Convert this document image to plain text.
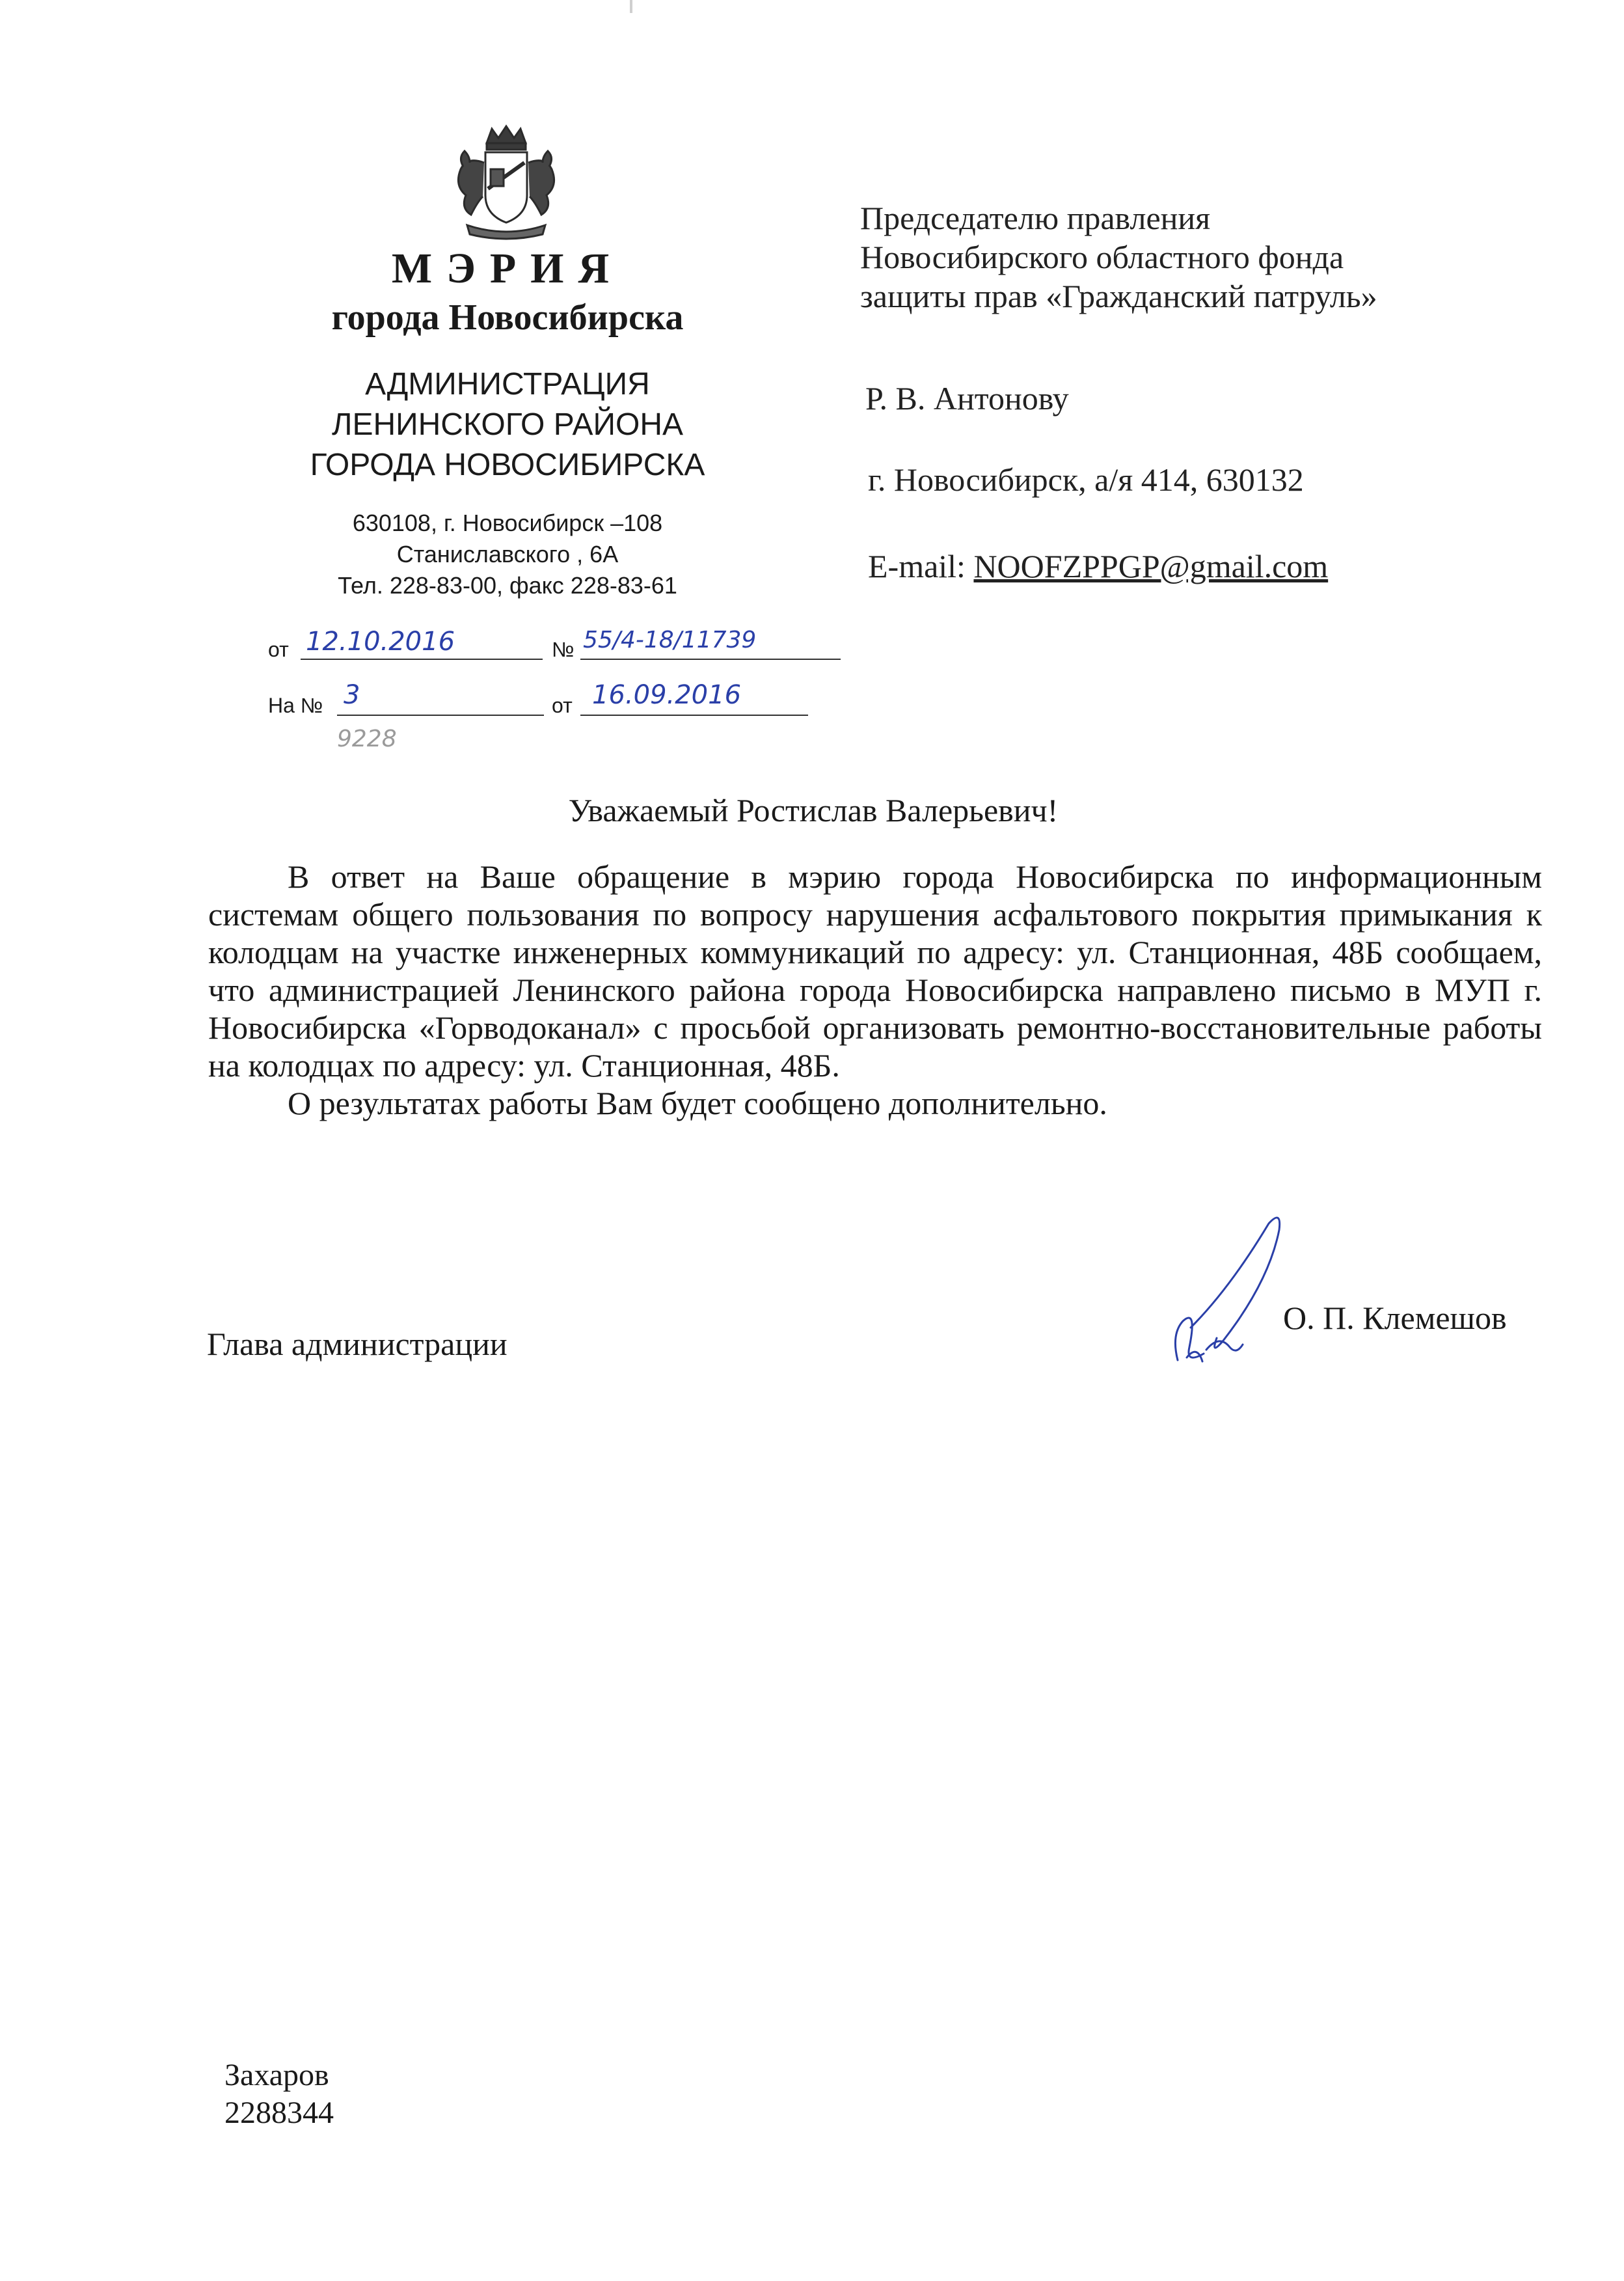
МЭРИЯ
города Новосибирска
АДМИНИСТРАЦИЯ
ЛЕНИНСКОГО РАЙОНА
ГОРОДА НОВОСИБИРСКА
630108, г. Новосибирск –108
Станиславского , 6А
Тел. 228-83-00, факс 228-83-61
от 12.10.2016	№ 55/4-18/11739
На № 3	от 16.09.2016
9228
Председателю правления
Новосибирского областного фонда
защиты прав «Гражданский патруль»
Р. В. Антонову
г. Новосибирск, а/я 414, 630132
E-mail: NOOFZPPGP@gmail.com
Уважаемый Ростислав Валерьевич!

В ответ на Ваше обращение в мэрию города Новосибирска по информационным системам общего пользования по вопросу нарушения асфальтового покрытия примыкания к колодцам на участке инженерных коммуникаций по адресу: ул. Станционная, 48Б сообщаем, что администрацией Ленинского района города Новосибирска направлено письмо в МУП г. Новосибирска «Горводоканал» с просьбой организовать ремонтно-восстановительные работы на колодцах по адресу: ул. Станционная, 48Б.

О результатах работы Вам будет сообщено дополнительно.

Глава администрации
О. П. Клемешов
Захаров
2288344
